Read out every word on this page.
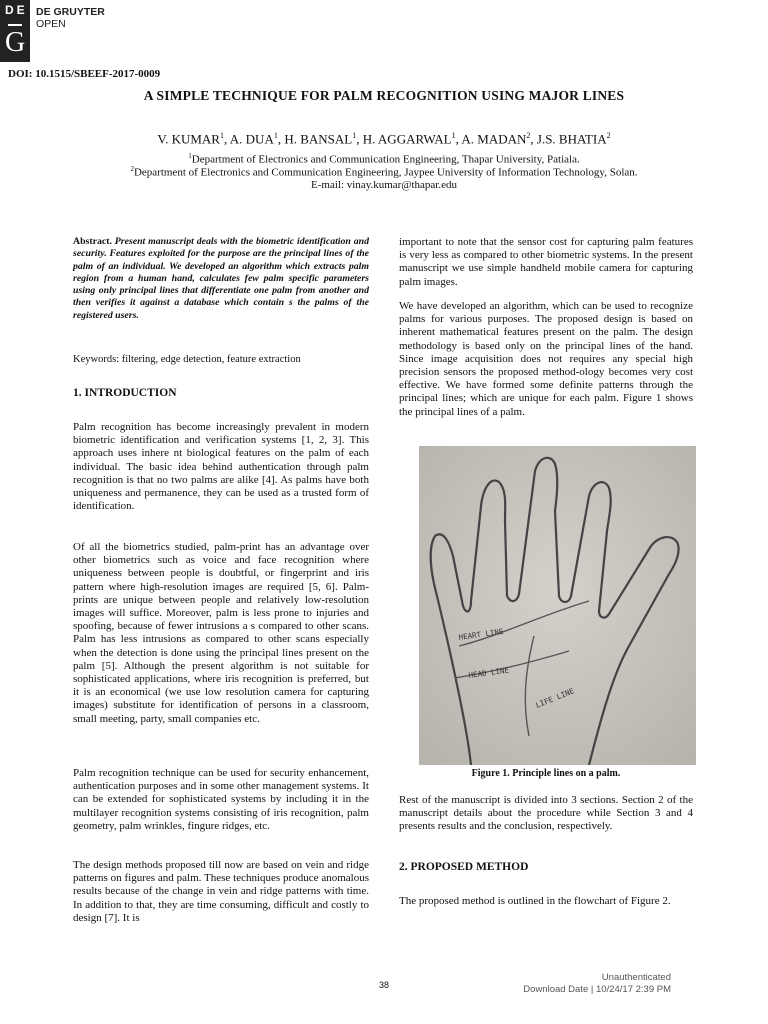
DE
G
DE GRUYTER
OPEN
DOI: 10.1515/SBEEF-2017-0009
A SIMPLE TECHNIQUE FOR PALM RECOGNITION USING MAJOR LINES
V. KUMAR$^1$, A. DUA$^1$, H. BANSAL$^1$, H. AGGARWAL$^1$, A. MADAN$^2$, J.S. BHATIA$^2$
$^1$Department of Electronics and Communication Engineering, Thapar University, Patiala.
$^2$Department of Electronics and Communication Engineering, Jaypee University of Information Technology, Solan.
E-mail: vinay.kumar@thapar.edu
Abstract. Present manuscript deals with the biometric identification and security. Features exploited for the purpose are the principal lines of the palm of an individual. We developed an algorithm which extracts palm region from a human hand, calculates few palm specific parameters using only principal lines that differentiate one palm from another and then verifies it against a database which contain s the palms of the registered users.
Keywords: filtering, edge detection, feature extraction
1. INTRODUCTION
Palm recognition has become increasingly prevalent in modern biometric identification and verification systems [1, 2, 3]. This approach uses inhere nt biological features on the palm of each individual. The basic idea behind authentication through palm recognition is that no two palms are alike [4]. As palms have both uniqueness and permanence, they can be used as a trusted form of identification.
Of all the biometrics studied, palm-print has an advantage over other biometrics such as voice and face recognition where uniqueness between people is doubtful, or fingerprint and iris pattern where high-resolution images are required [5, 6]. Palm-prints are unique between people and relatively low-resolution images will suffice. Moreover, palm is less prone to injuries and spoofing, because of fewer intrusions a s compared to other scans. Palm has less intrusions as compared to other scans especially when the detection is done using the principal lines present on the palm [5]. Although the present algorithm is not suitable for sophisticated applications, where iris recognition is preferred, but it is an economical (we use low resolution camera for capturing images) substitute for identification of persons in a classroom, small meeting, party, small companies etc.
Palm recognition technique can be used for security enhancement, authentication purposes and in some other management systems. It can be extended for sophisticated systems by including it in the multilayer recognition systems consisting of iris recognition, palm geometry, palm wrinkles, fingure ridges, etc.
The design methods proposed till now are based on vein and ridge patterns on figures and palm. These techniques produce anomalous results because of the change in vein and ridge patterns with time. In addition to that, they are time consuming, difficult and costly to design [7]. It is
important to note that the sensor cost for capturing palm features is very less as compared to other biometric systems. In the present manuscript we use simple handheld mobile camera for capturing palm images.
We have developed an algorithm, which can be used to recognize palms for various purposes. The proposed design is based on inherent mathematical features present on the palm. The design methodology is based only on the principal lines of the hand. Since image acquisition does not requires any special high precision sensors the proposed method-ology becomes very cost effective. We have formed some definite patterns through the principal lines; which are unique for each palm. Figure 1 shows the principal lines of a palm.
HEART LINE
HEAD LINE
LIFE LINE
Figure 1. Principle lines on a palm.
Rest of the manuscript is divided into 3 sections. Section 2 of the manuscript details about the procedure while Section 3 and 4 presents results and the conclusion, respectively.
2. PROPOSED METHOD
The proposed method is outlined in the flowchart of Figure 2.
38
Unauthenticated
Download Date | 10/24/17 2:39 PM
